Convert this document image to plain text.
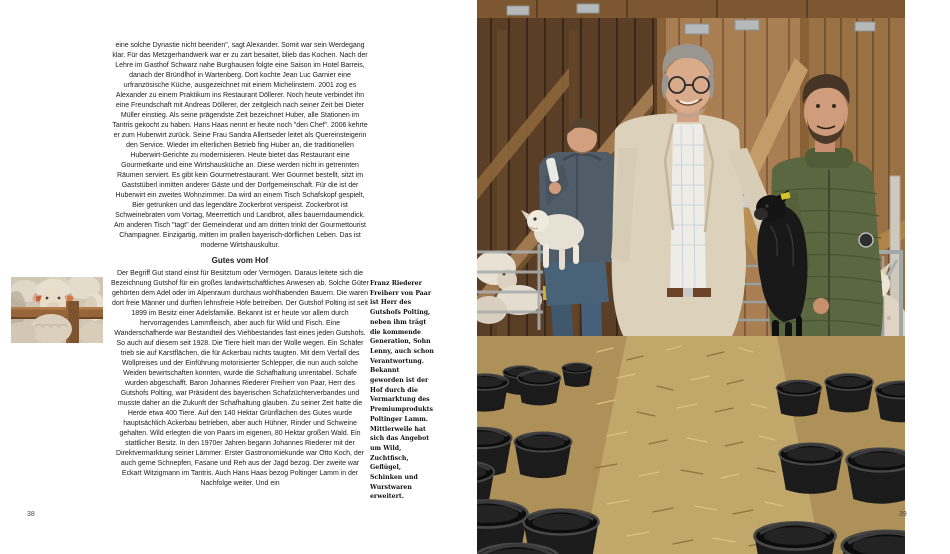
eine solche Dynastie nicht beenden", sagt Alexander. Somit war sein Werdegang klar. Für das Metzgerhandwerk war er zu zart besaitet, blieb das Kochen. Nach der Lehre im Gasthof Schwarz nahe Burghausen folgte eine Saison im Hotel Barreis, danach der Bründlhof in Wartenberg. Dort kochte Jean Luc Garnier eine urfranzösische Küche, ausgezeichnet mit einem Michelinstern. 2001 zog es Alexander zu einem Praktikum ins Restaurant Döllerer. Noch heute verbindet ihn eine Freundschaft mit Andreas Döllerer, der zeitgleich nach seiner Zeit bei Dieter Müller einstieg. Als seine prägendste Zeit bezeichnet Huber, alle Stationen im Tantris gekocht zu haben. Hans Haas nennt er heute noch "den Chef". 2006 kehrte er zum Huberwirt zurück. Seine Frau Sandra Allertseder leitet als Quereinsteigerin den Service. Wieder im elterlichen Betrieb fing Huber an, die traditionellen Huberwirt-Gerichte zu modernisieren. Heute bietet das Restaurant eine Gourmetkarte und eine Wirtshausküche an. Diese werden nicht in getrennten Räumen serviert. Es gibt kein Gourmetrestaurant. Wer Gourmet bestellt, sitzt im Gaststüberl inmitten anderer Gäste und der Dorfgemeinschaft. Für die ist der Huberwirt ein zweites Wohnzimmer. Da wird an einem Tisch Schafskopf gespielt, Bier getrunken und das legendäre Zockerbrot verspeist. Zockerbrot ist Schweinebraten vom Vortag, Meerrettich und Landbrot, alles bauerndaumendick. Am anderen Tisch "tagt" der Gemeinderat und am dritten trinkt der Gourmettourist Champagner. Einzigartig, mitten im prallen bayerisch-dörflichen Leben. Das ist moderne Wirtshauskultur.

Gutes vom Hof

Der Begriff Gut stand einst für Besitztum oder Vermögen. Daraus leitete sich die Bezeichnung Gutshof für ein großes landwirtschaftliches Anwesen ab. Solche Güter gehörten dem Adel oder im Alpenraum durchaus wohlhabenden Bauern. Die waren dort freie Männer und durften lehnsfreie Höfe betreiben. Der Gutshof Polting ist seit 1899 im Besitz einer Adelsfamilie. Bekannt ist er heute vor allem durch hervorragendes Lammfleisch, aber auch für Wild und Fisch. Eine Wanderschafherde war Bestandteil des Viehbestandes fast eines jeden Gutshofs. So auch auf diesem seit 1928. Die Tiere hielt man der Wolle wegen. Ein Schäfer trieb sie auf Karstflächen, die für Ackerbau nichts taugten. Mit dem Verfall des Wollpreises und der Einführung motorisierter Schlepper, die nun auch solche Weiden bewirtschaften konnten, wurde die Schafhaltung unrentabel. Schafe wurden abgeschafft. Baron Johannes Riederer Freiherr von Paar, Herr des Gutshofs Polting, war Präsident des bayerischen Schafzüchterverbandes und musste daher an die Zukunft der Schafhaltung glauben. Zu seiner Zeit hatte die Herde etwa 400 Tiere. Auf den 140 Hektar Grünflächen des Gutes wurde hauptsächlich Ackerbau betrieben, aber auch Hühner, Rinder und Schweine gehalten. Wild erlegten die von Paars im eigenen, 80 Hektar großen Wald. Ein stattlicher Besitz. In den 1970er Jahren begann Johannes Riederer mit der Direktvermarktung seiner Lämmer. Erster Gastronomiekunde war Otto Koch, der auch gerne Schnepfen, Fasane und Reh aus der Jagd bezog. Der zweite war Eckart Witzigmann im Tantris. Auch Hans Haas bezog Poltinger Lamm in der Nachfolge weiter. Und ein

Franz Riederer Freiherr von Paar ist Herr des Gutshofs Polting, neben ihm trägt die kommende Generation, Sohn Lenny, auch schon Verantwortung. Bekannt geworden ist der Hof durch die Vermarktung des Premiumprodukts Poltinger Lamm. Mittlerweile hat sich das Angebot um Wild, Zuchtfisch, Geflügel, Schinken und Wurstwaren erweitert.
38	39
